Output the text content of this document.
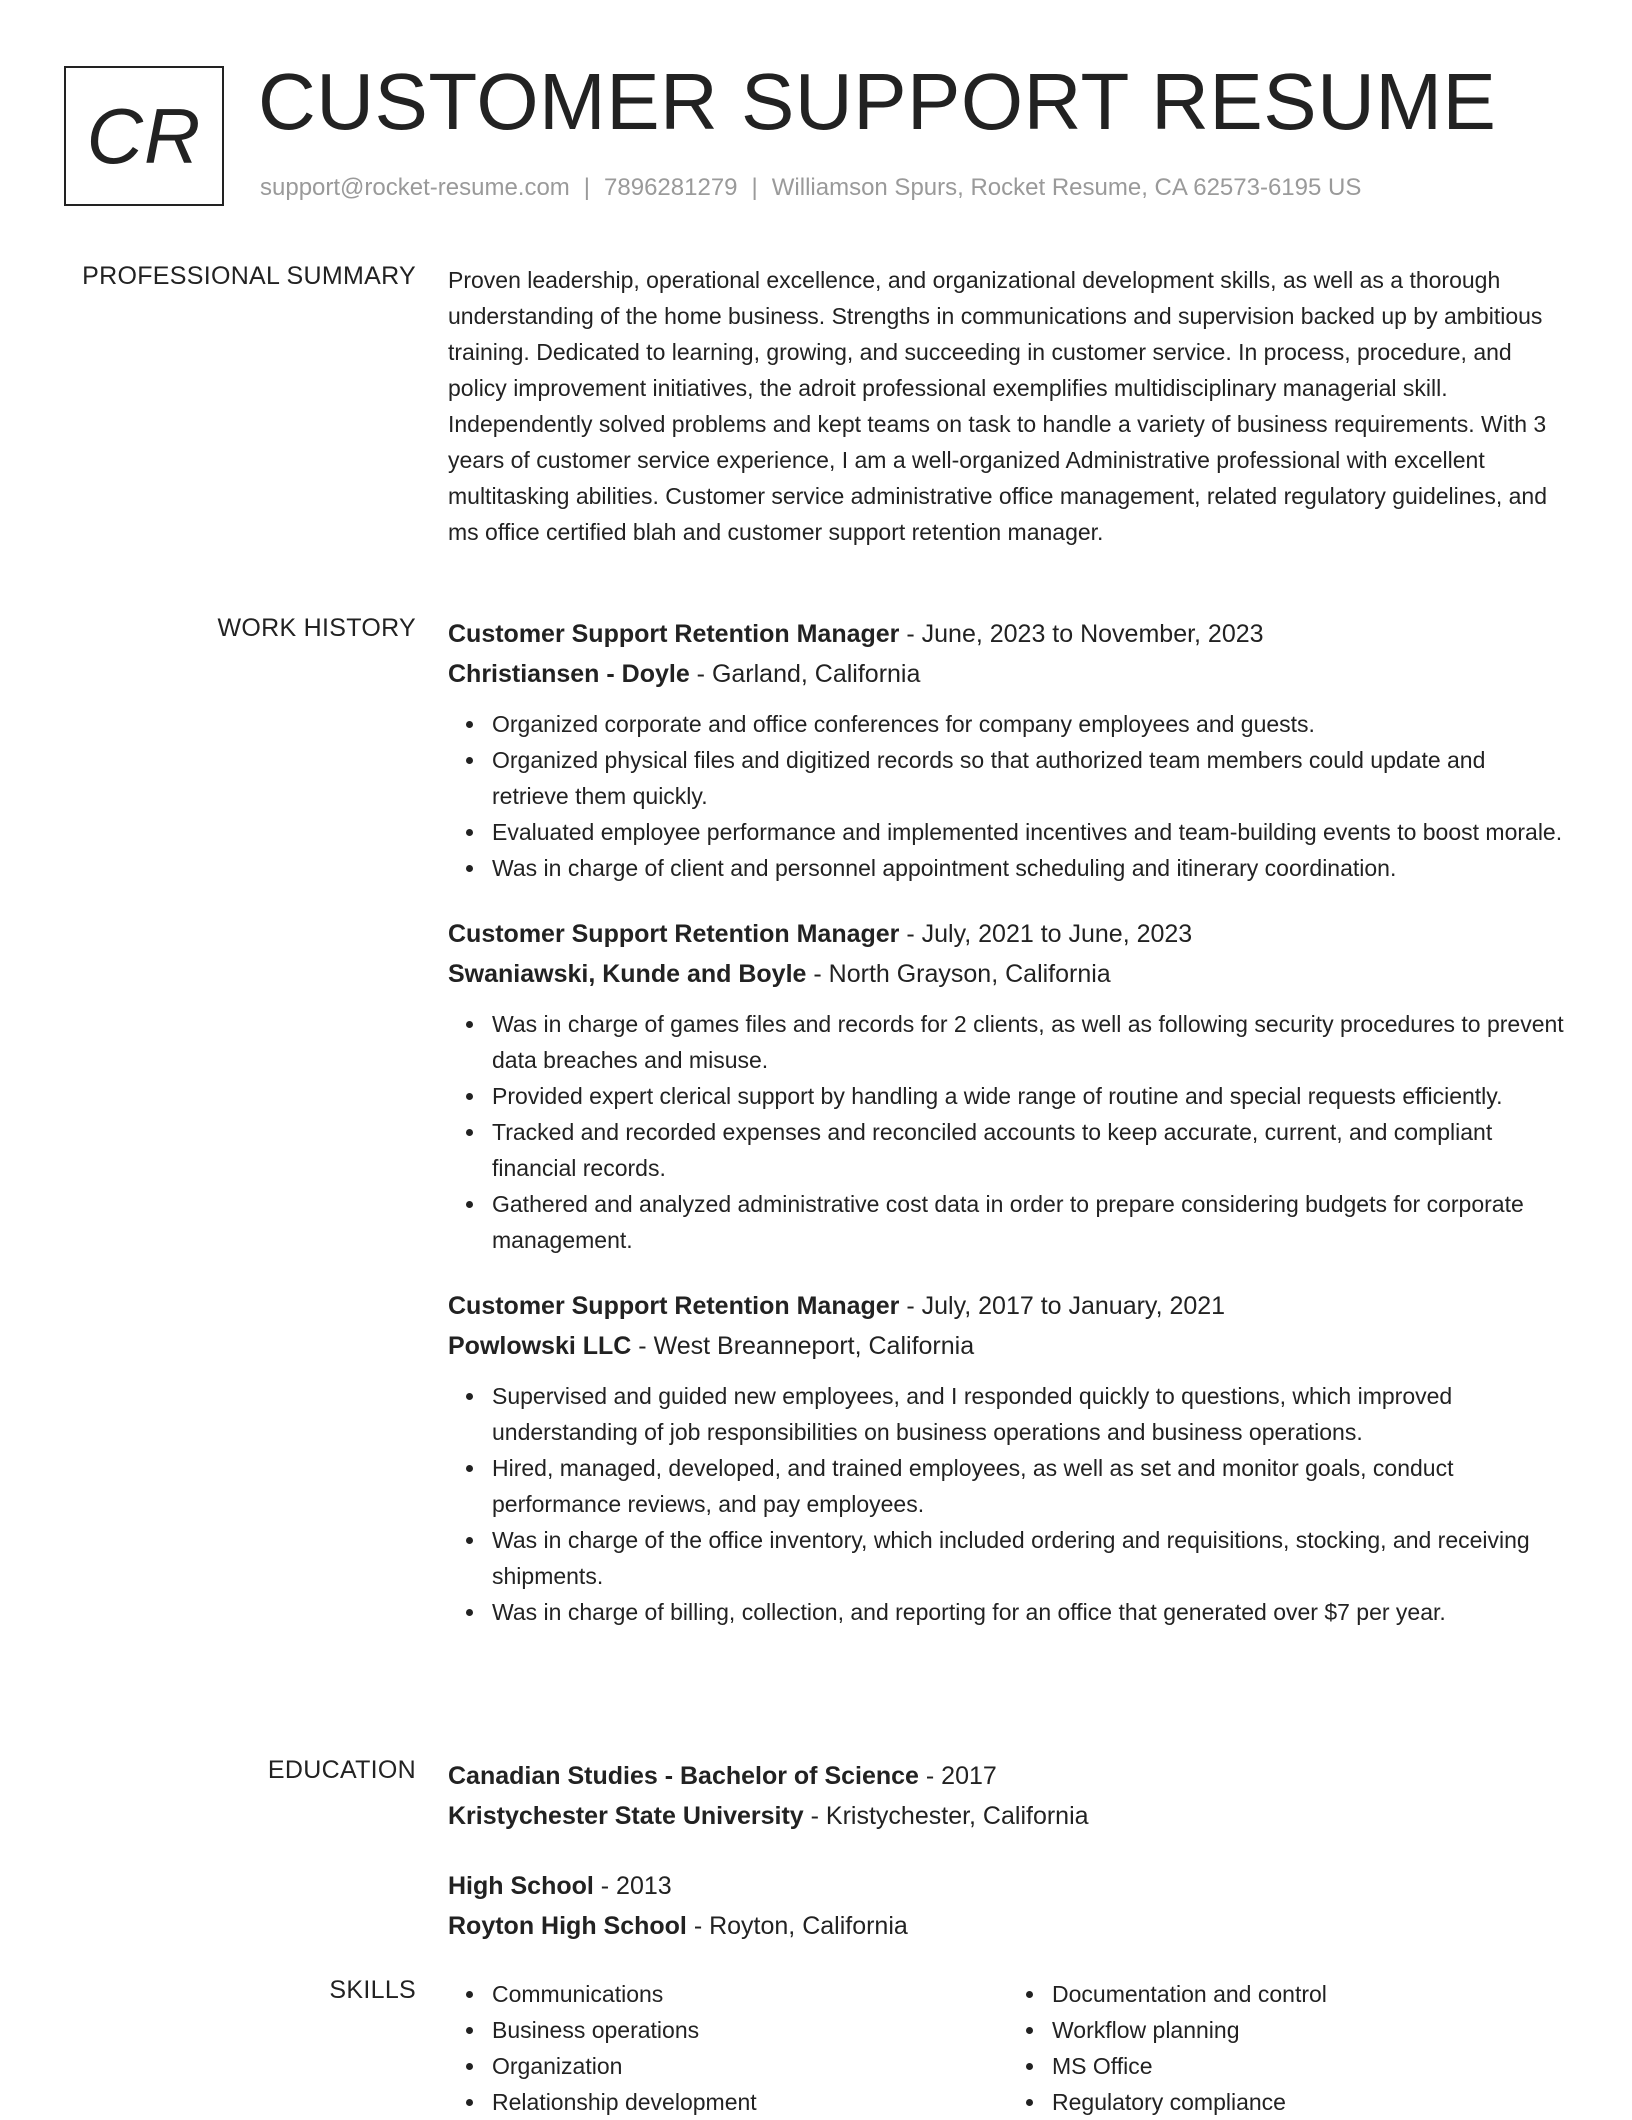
CR CUSTOMER SUPPORT RESUME
support@rocket-resume.com | 7896281279 | Williamson Spurs, Rocket Resume, CA 62573-6195 US
PROFESSIONAL SUMMARY Proven leadership, operational excellence, and organizational development skills, as well as a thorough understanding of the home business. Strengths in communications and supervision backed up by ambitious training. Dedicated to learning, growing, and succeeding in customer service. In process, procedure, and policy improvement initiatives, the adroit professional exemplifies multidisciplinary managerial skill. Independently solved problems and kept teams on task to handle a variety of business requirements. With 3 years of customer service experience, I am a well-organized Administrative professional with excellent multitasking abilities. Customer service administrative office management, related regulatory guidelines, and ms office certified blah and customer support retention manager.

WORK HISTORY Customer Support Retention Manager - June, 2023 to November, 2023
Christiansen - Doyle - Garland, California
Organized corporate and office conferences for company employees and guests.
Organized physical files and digitized records so that authorized team members could update and retrieve them quickly.
Evaluated employee performance and implemented incentives and team-building events to boost morale.
Was in charge of client and personnel appointment scheduling and itinerary coordination.
Customer Support Retention Manager - July, 2021 to June, 2023
Swaniawski, Kunde and Boyle - North Grayson, California
Was in charge of games files and records for 2 clients, as well as following security procedures to prevent data breaches and misuse.
Provided expert clerical support by handling a wide range of routine and special requests efficiently.
Tracked and recorded expenses and reconciled accounts to keep accurate, current, and compliant financial records.
Gathered and analyzed administrative cost data in order to prepare considering budgets for corporate management.
Customer Support Retention Manager - July, 2017 to January, 2021
Powlowski LLC - West Breanneport, California
Supervised and guided new employees, and I responded quickly to questions, which improved understanding of job responsibilities on business operations and business operations.
Hired, managed, developed, and trained employees, as well as set and monitor goals, conduct performance reviews, and pay employees.
Was in charge of the office inventory, which included ordering and requisitions, stocking, and receiving shipments.
Was in charge of billing, collection, and reporting for an office that generated over $7 per year.
EDUCATION Canadian Studies - Bachelor of Science - 2017
Kristychester State University - Kristychester, California
High School - 2013
Royton High School - Royton, California
SKILLS	Communications
Business operations
Organization
Relationship development
Documentation and control
Workflow planning
MS Office
Regulatory compliance
